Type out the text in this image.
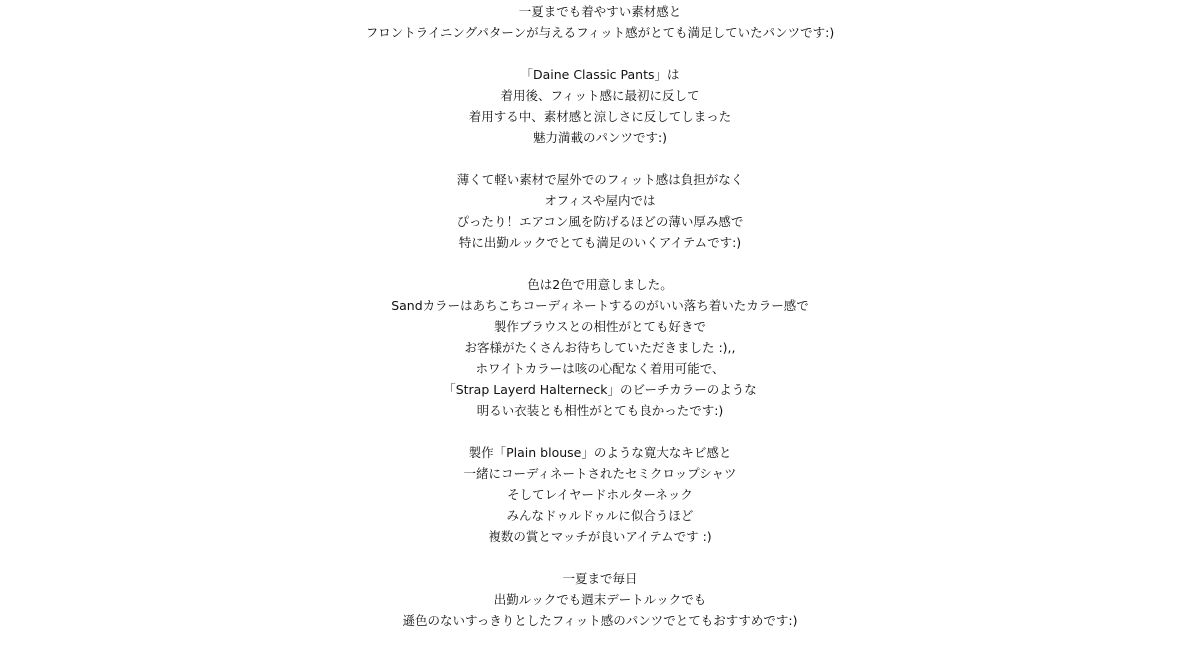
一夏までも着やすい素材感と
フロントライニングパターンが与えるフィット感がとても満足していたパンツです:)
「Daine Classic Pants」は
着用後、フィット感に最初に反して
着用する中、素材感と涼しさに反してしまった
魅力満載のパンツです:)
薄くて軽い素材で屋外でのフィット感は負担がなく
オフィスや屋内では
ぴったり！エアコン風を防げるほどの薄い厚み感で
特に出勤ルックでとても満足のいくアイテムです:)
色は2色で用意しました。
Sandカラーはあちこちコーディネートするのがいい落ち着いたカラー感で
製作ブラウスとの相性がとても好きで
お客様がたくさんお待ちしていただきました :),,
ホワイトカラーは咳の心配なく着用可能で、
「Strap Layerd Halterneck」のビーチカラーのような
明るい衣装とも相性がとても良かったです:)
製作「Plain blouse」のような寛大なキビ感と
一緒にコーディネートされたセミクロップシャツ
そしてレイヤードホルターネック
みんなドゥルドゥルに似合うほど
複数の賞とマッチが良いアイテムです :)
一夏まで毎日
出勤ルックでも週末デートルックでも
遜色のないすっきりとしたフィット感のパンツでとてもおすすめです:)
